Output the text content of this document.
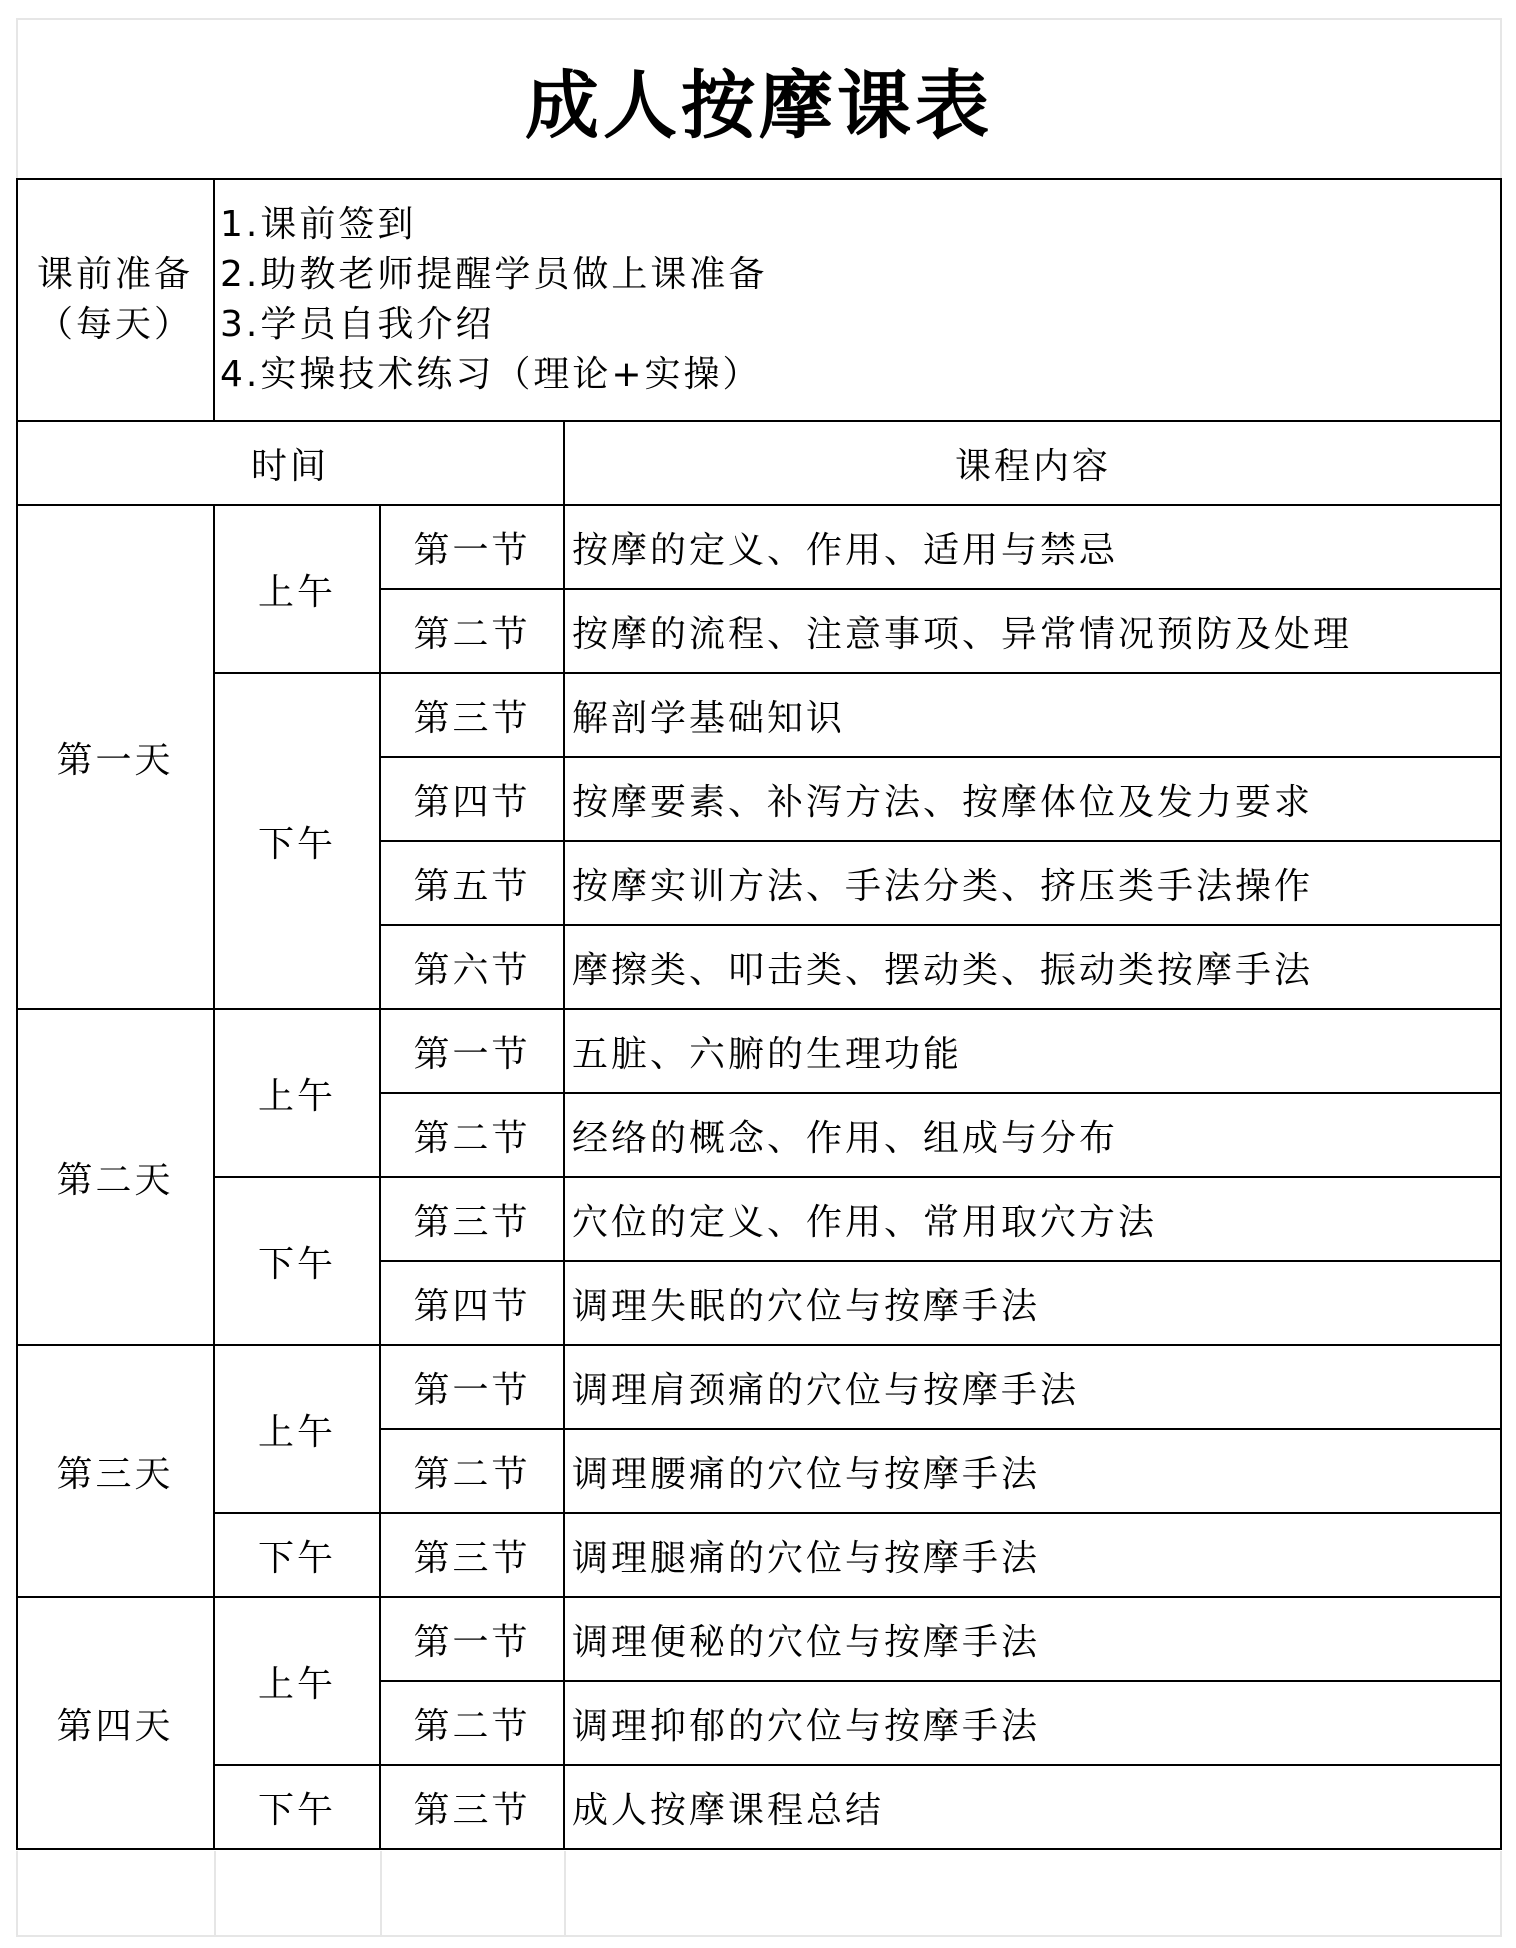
成人按摩课表
课前准备
（每天）
1.课前签到
2.助教老师提醒学员做上课准备
3.学员自我介绍
4.实操技术练习（理论+实操）
时间	课程内容
第一天
上午
第一节	按摩的定义、作用、适用与禁忌
第二节	按摩的流程、注意事项、异常情况预防及处理
下午
第三节	解剖学基础知识
第四节	按摩要素、补泻方法、按摩体位及发力要求
第五节	按摩实训方法、手法分类、挤压类手法操作
第六节	摩擦类、叩击类、摆动类、振动类按摩手法
第二天
上午
第一节	五脏、六腑的生理功能
第二节	经络的概念、作用、组成与分布
下午
第三节	穴位的定义、作用、常用取穴方法
第四节	调理失眠的穴位与按摩手法
第三天
上午
第一节	调理肩颈痛的穴位与按摩手法
第二节	调理腰痛的穴位与按摩手法
下午	第三节	调理腿痛的穴位与按摩手法
第四天
上午
第一节	调理便秘的穴位与按摩手法
第二节	调理抑郁的穴位与按摩手法
下午	第三节	成人按摩课程总结
